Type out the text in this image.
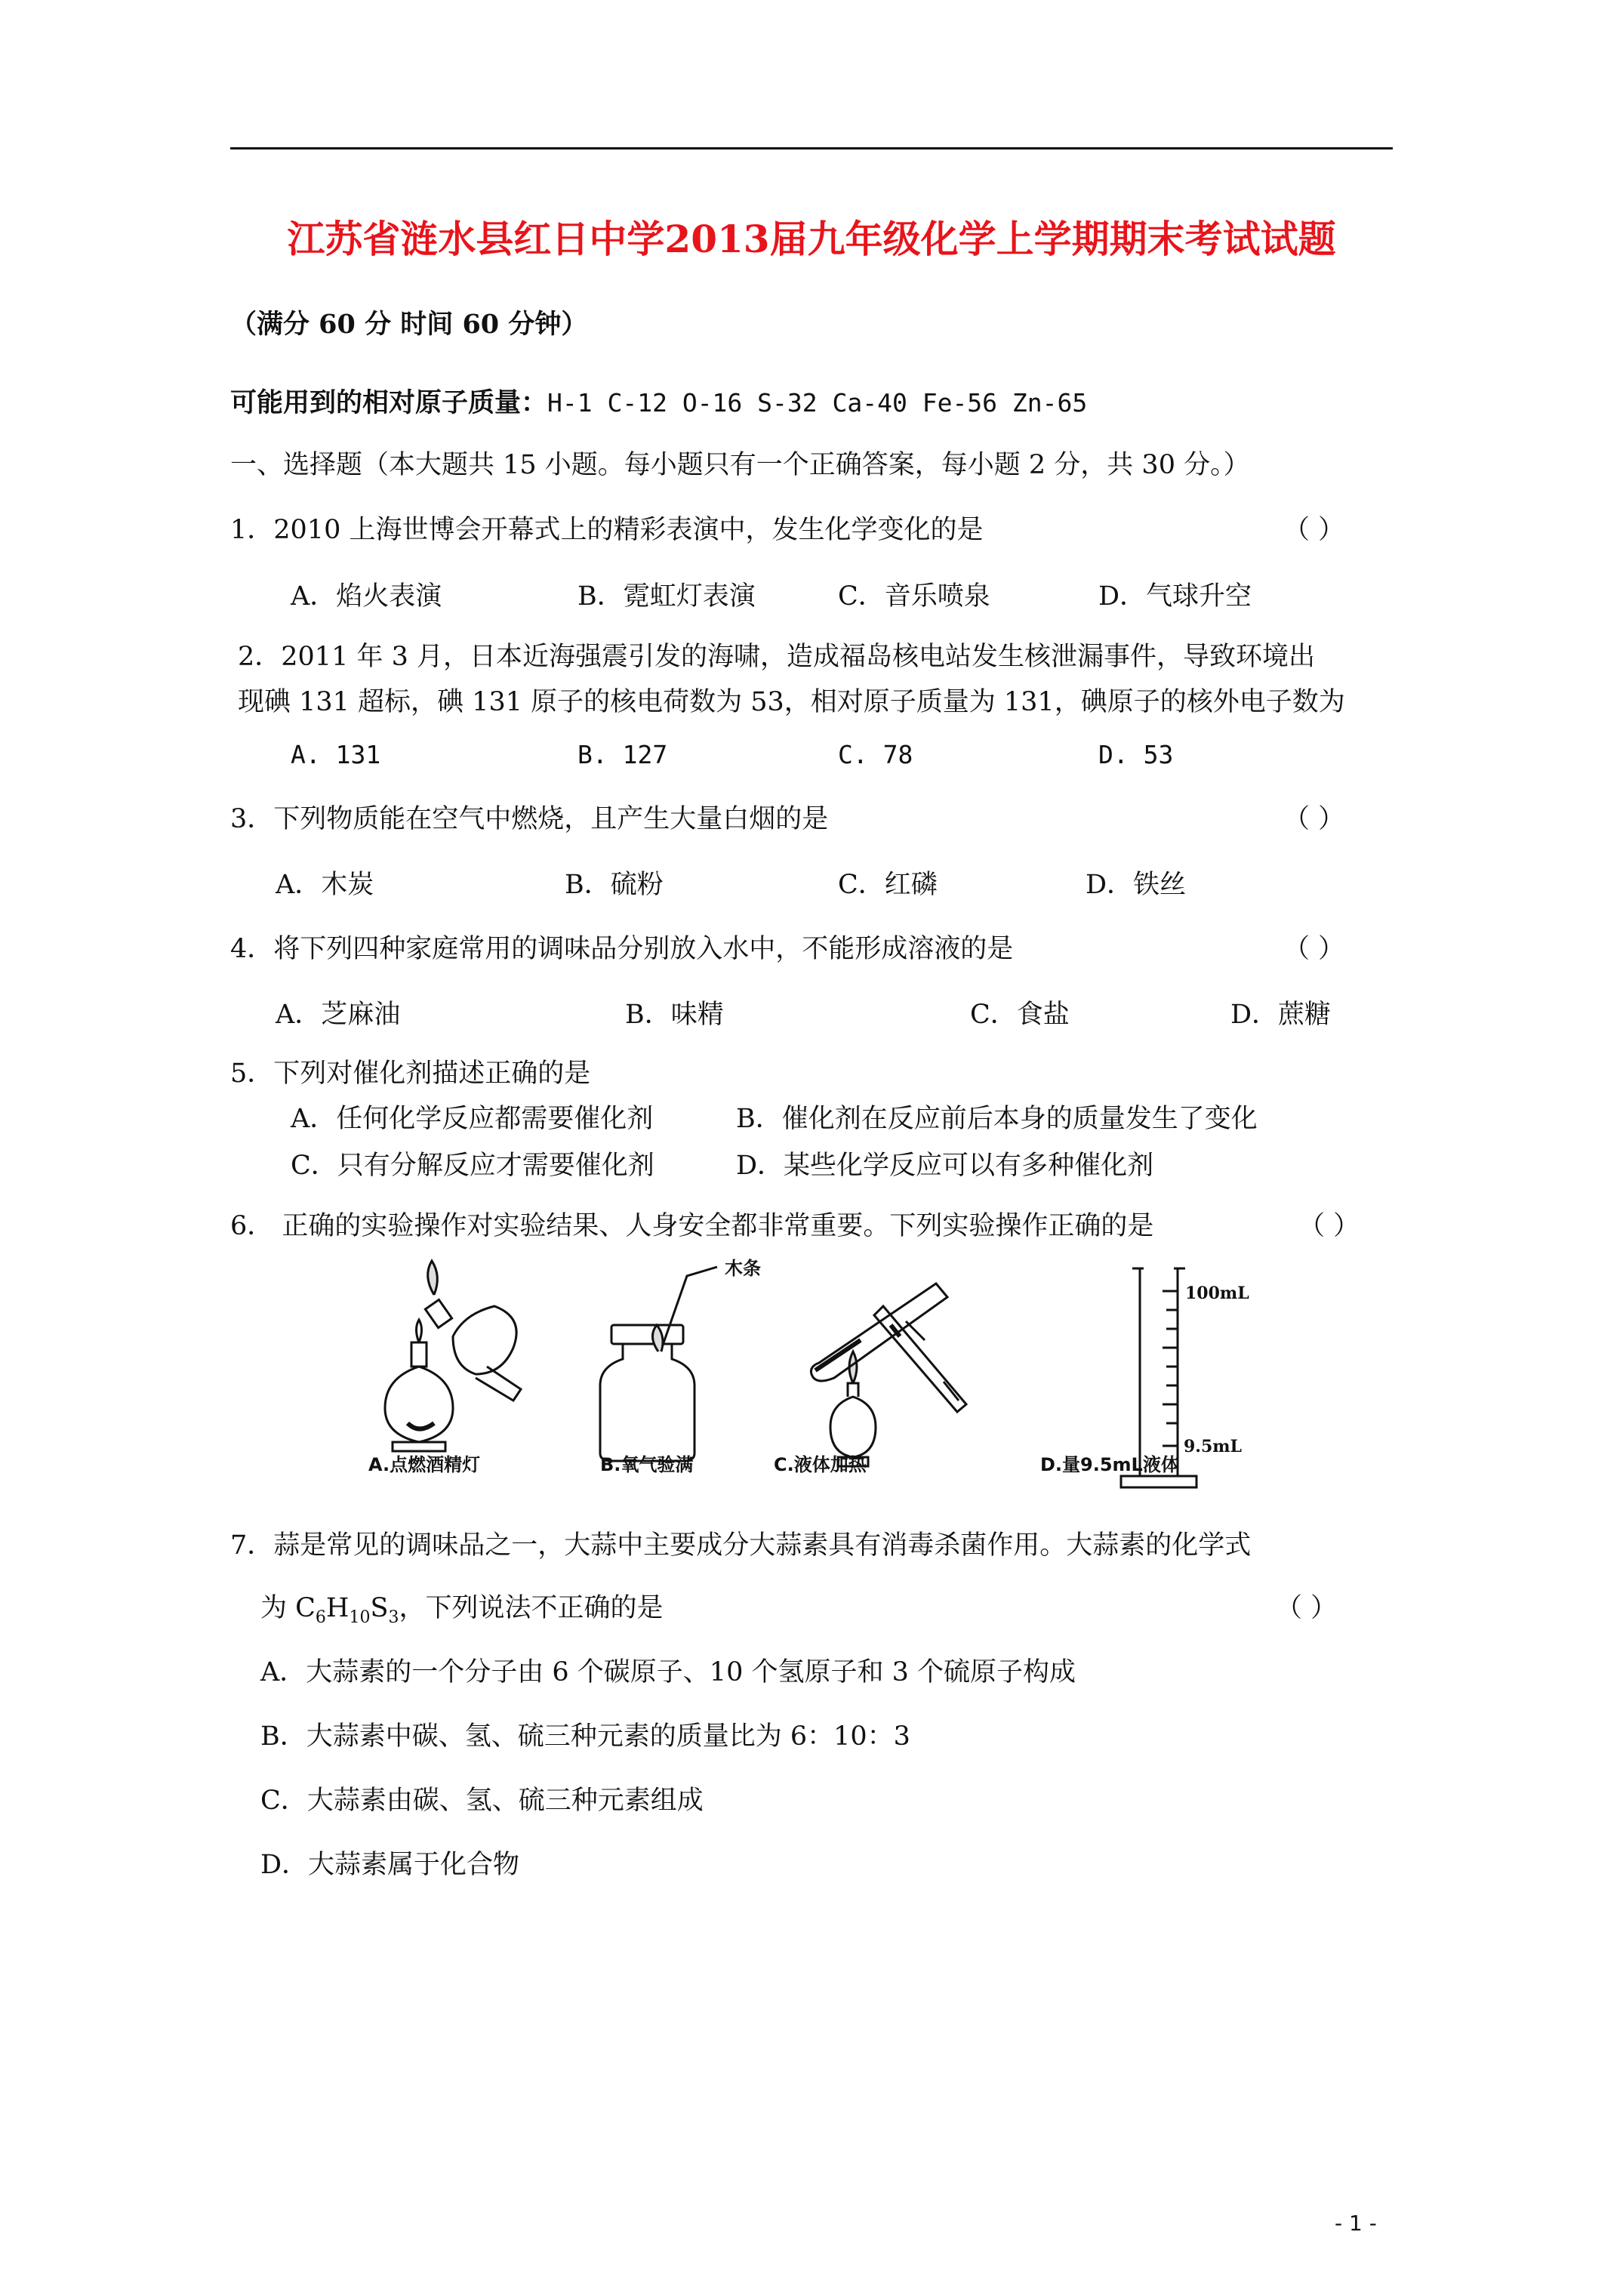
江苏省涟水县红日中学2013届九年级化学上学期期末考试试题
（满分 60 分 时间 60 分钟）
可能用到的相对原子质量：H-1 C-12 O-16 S-32 Ca-40 Fe-56 Zn-65
一、选择题（本大题共 15 小题。每小题只有一个正确答案，每小题 2 分，共 30 分。）
1．2010 上海世博会开幕式上的精彩表演中，发生化学变化的是	（ ）
A．焰火表演	B．霓虹灯表演	C．音乐喷泉	D．气球升空
2．2011 年 3 月，日本近海强震引发的海啸，造成福岛核电站发生核泄漏事件，导致环境出
现碘 131 超标，碘 131 原子的核电荷数为 53，相对原子质量为 131，碘原子的核外电子数为
A. 131	B. 127	C. 78	D. 53
3．下列物质能在空气中燃烧，且产生大量白烟的是	（ ）
A．木炭	B．硫粉	C．红磷	D．铁丝
4．将下列四种家庭常用的调味品分别放入水中，不能形成溶液的是	（ ）
A．芝麻油	B．味精	C．食盐	D．蔗糖
5．下列对催化剂描述正确的是
A．任何化学反应都需要催化剂	B．催化剂在反应前后本身的质量发生了变化
C．只有分解反应才需要催化剂	D．某些化学反应可以有多种催化剂
6． 正确的实验操作对实验结果、人身安全都非常重要。下列实验操作正确的是	（ ）
木条
100mL
9.5mL
A.点燃酒精灯	B.氧气验满	C.液体加热	D.量9.5mL液体
7．蒜是常见的调味品之一，大蒜中主要成分大蒜素具有消毒杀菌作用。大蒜素的化学式
为 $C_6H_{10}S_3$，下列说法不正确的是	（ ）
A．大蒜素的一个分子由 6 个碳原子、10 个氢原子和 3 个硫原子构成
B．大蒜素中碳、氢、硫三种元素的质量比为 6：10：3
C．大蒜素由碳、氢、硫三种元素组成
D．大蒜素属于化合物
- 1 -
